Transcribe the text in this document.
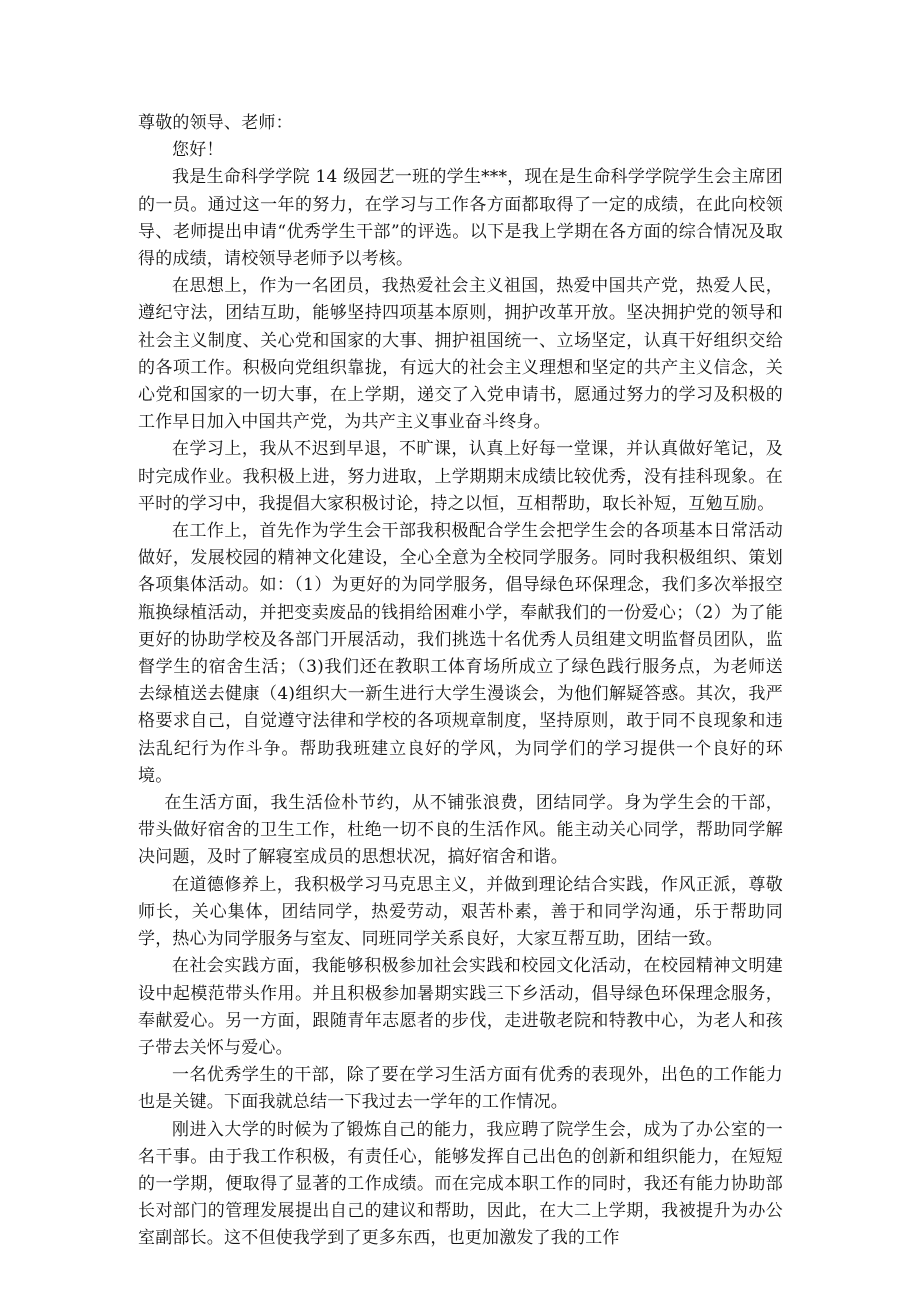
尊敬的领导、老师：

您好！

我是生命科学学院 14 级园艺一班的学生***，现在是生命科学学院学生会主席团的一员。通过这一年的努力，在学习与工作各方面都取得了一定的成绩，在此向校领导、老师提出申请“优秀学生干部”的评选。以下是我上学期在各方面的综合情况及取得的成绩，请校领导老师予以考核。

在思想上，作为一名团员，我热爱社会主义祖国，热爱中国共产党，热爱人民，遵纪守法，团结互助，能够坚持四项基本原则，拥护改革开放。坚决拥护党的领导和社会主义制度、关心党和国家的大事、拥护祖国统一、立场坚定，认真干好组织交给的各项工作。积极向党组织靠拢，有远大的社会主义理想和坚定的共产主义信念，关心党和国家的一切大事，在上学期，递交了入党申请书，愿通过努力的学习及积极的工作早日加入中国共产党，为共产主义事业奋斗终身。

在学习上，我从不迟到早退，不旷课，认真上好每一堂课，并认真做好笔记，及时完成作业。我积极上进，努力进取，上学期期末成绩比较优秀，没有挂科现象。在平时的学习中，我提倡大家积极讨论，持之以恒，互相帮助，取长补短，互勉互励。

在工作上，首先作为学生会干部我积极配合学生会把学生会的各项基本日常活动做好，发展校园的精神文化建设，全心全意为全校同学服务。同时我积极组织、策划各项集体活动。如：（1）为更好的为同学服务，倡导绿色环保理念，我们多次举报空瓶换绿植活动，并把变卖废品的钱捐给困难小学，奉献我们的一份爱心；（2）为了能更好的协助学校及各部门开展活动，我们挑选十名优秀人员组建文明监督员团队，监督学生的宿舍生活；（3)我们还在教职工体育场所成立了绿色践行服务点，为老师送去绿植送去健康（4)组织大一新生进行大学生漫谈会，为他们解疑答惑。其次，我严格要求自己，自觉遵守法律和学校的各项规章制度，坚持原则，敢于同不良现象和违法乱纪行为作斗争。帮助我班建立良好的学风，为同学们的学习提供一个良好的环境。

在生活方面，我生活俭朴节约，从不铺张浪费，团结同学。身为学生会的干部，带头做好宿舍的卫生工作，杜绝一切不良的生活作风。能主动关心同学，帮助同学解决问题，及时了解寝室成员的思想状况，搞好宿舍和谐。

在道德修养上，我积极学习马克思主义，并做到理论结合实践，作风正派，尊敬师长，关心集体，团结同学，热爱劳动，艰苦朴素，善于和同学沟通，乐于帮助同学，热心为同学服务与室友、同班同学关系良好，大家互帮互助，团结一致。

在社会实践方面，我能够积极参加社会实践和校园文化活动，在校园精神文明建设中起模范带头作用。并且积极参加暑期实践三下乡活动，倡导绿色环保理念服务，奉献爱心。另一方面，跟随青年志愿者的步伐，走进敬老院和特教中心，为老人和孩子带去关怀与爱心。

一名优秀学生的干部，除了要在学习生活方面有优秀的表现外，出色的工作能力也是关键。下面我就总结一下我过去一学年的工作情况。

刚进入大学的时候为了锻炼自己的能力，我应聘了院学生会，成为了办公室的一名干事。由于我工作积极，有责任心，能够发挥自己出色的创新和组织能力，在短短的一学期，便取得了显著的工作成绩。而在完成本职工作的同时，我还有能力协助部长对部门的管理发展提出自己的建议和帮助，因此，在大二上学期，我被提升为办公室副部长。这不但使我学到了更多东西，也更加激发了我的工作
